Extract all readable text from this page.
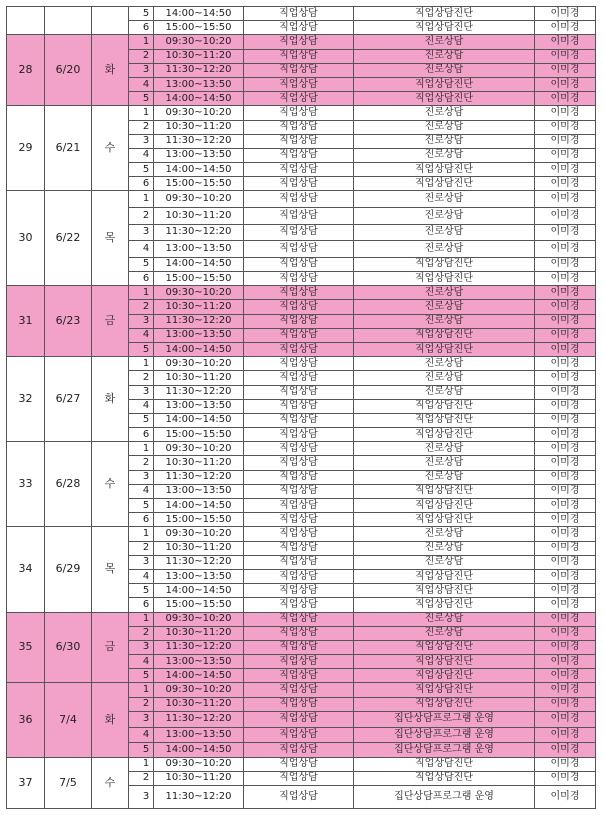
			5	14:00~14:50	직업상담	직업상담진단	이미경
			6	15:00~15:50	직업상담	직업상담진단	이미경
28	6/20	화	1	09:30~10:20	직업상담	진로상담	이미경
			2	10:30~11:20	직업상담	진로상담	이미경
			3	11:30~12:20	직업상담	진로상담	이미경
			4	13:00~13:50	직업상담	직업상담진단	이미경
			5	14:00~14:50	직업상담	직업상담진단	이미경
29	6/21	수	1	09:30~10:20	직업상담	진로상담	이미경
			2	10:30~11:20	직업상담	진로상담	이미경
			3	11:30~12:20	직업상담	진로상담	이미경
			4	13:00~13:50	직업상담	진로상담	이미경
			5	14:00~14:50	직업상담	직업상담진단	이미경
			6	15:00~15:50	직업상담	직업상담진단	이미경
30	6/22	목	1	09:30~10:20	직업상담	진로상담	이미경
			2	10:30~11:20	직업상담	진로상담	이미경
			3	11:30~12:20	직업상담	진로상담	이미경
			4	13:00~13:50	직업상담	진로상담	이미경
			5	14:00~14:50	직업상담	직업상담진단	이미경
			6	15:00~15:50	직업상담	직업상담진단	이미경
31	6/23	금	1	09:30~10:20	직업상담	진로상담	이미경
			2	10:30~11:20	직업상담	진로상담	이미경
			3	11:30~12:20	직업상담	진로상담	이미경
			4	13:00~13:50	직업상담	직업상담진단	이미경
			5	14:00~14:50	직업상담	직업상담진단	이미경
32	6/27	화	1	09:30~10:20	직업상담	진로상담	이미경
			2	10:30~11:20	직업상담	진로상담	이미경
			3	11:30~12:20	직업상담	진로상담	이미경
			4	13:00~13:50	직업상담	직업상담진단	이미경
			5	14:00~14:50	직업상담	직업상담진단	이미경
			6	15:00~15:50	직업상담	직업상담진단	이미경
33	6/28	수	1	09:30~10:20	직업상담	진로상담	이미경
			2	10:30~11:20	직업상담	진로상담	이미경
			3	11:30~12:20	직업상담	진로상담	이미경
			4	13:00~13:50	직업상담	직업상담진단	이미경
			5	14:00~14:50	직업상담	직업상담진단	이미경
			6	15:00~15:50	직업상담	직업상담진단	이미경
34	6/29	목	1	09:30~10:20	직업상담	진로상담	이미경
			2	10:30~11:20	직업상담	진로상담	이미경
			3	11:30~12:20	직업상담	진로상담	이미경
			4	13:00~13:50	직업상담	직업상담진단	이미경
			5	14:00~14:50	직업상담	직업상담진단	이미경
			6	15:00~15:50	직업상담	직업상담진단	이미경
35	6/30	금	1	09:30~10:20	직업상담	진로상담	이미경
			2	10:30~11:20	직업상담	진로상담	이미경
			3	11:30~12:20	직업상담	직업상담진단	이미경
			4	13:00~13:50	직업상담	직업상담진단	이미경
			5	14:00~14:50	직업상담	직업상담진단	이미경
36	7/4	화	1	09:30~10:20	직업상담	직업상담진단	이미경
			2	10:30~11:20	직업상담	직업상담진단	이미경
			3	11:30~12:20	직업상담	집단상담프로그램 운영	이미경
			4	13:00~13:50	직업상담	집단상담프로그램 운영	이미경
			5	14:00~14:50	직업상담	집단상담프로그램 운영	이미경
37	7/5	수	1	09:30~10:20	직업상담	직업상담진단	이미경
			2	10:30~11:20	직업상담	직업상담진단	이미경
			3	11:30~12:20	직업상담	집단상담프로그램 운영	이미경
